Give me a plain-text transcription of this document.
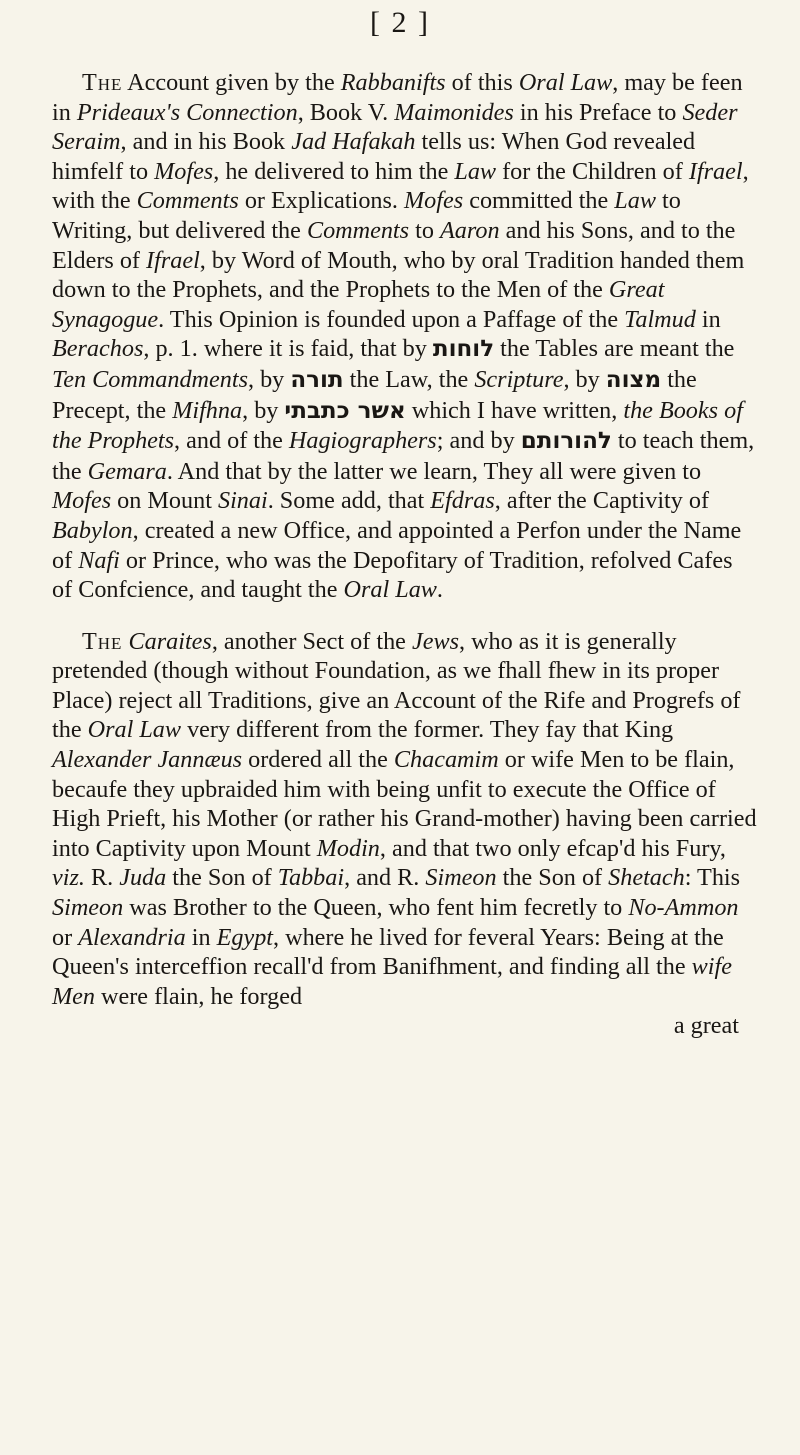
[ 2 ]

The Account given by the Rabbanifts of this Oral Law, may be feen in Prideaux's Connection, Book V. Maimonides in his Preface to Seder Seraim, and in his Book Jad Hafakah tells us: When God revealed himfelf to Mofes, he delivered to him the Law for the Children of Ifrael, with the Comments or Explications. Mofes committed the Law to Writing, but delivered the Comments to Aaron and his Sons, and to the Elders of Ifrael, by Word of Mouth, who by oral Tradition handed them down to the Prophets, and the Prophets to the Men of the Great Synagogue. This Opinion is founded upon a Paffage of the Talmud in Berachos, p. 1. where it is faid, that by לוחות the Tables are meant the Ten Commandments, by תורה the Law, the Scripture, by מצוה the Precept, the Mifhna, by אשר כתבתי which I have written, the Books of the Prophets, and of the Hagiographers; and by להורותם to teach them, the Gemara. And that by the latter we learn, They all were given to Mofes on Mount Sinai. Some add, that Efdras, after the Captivity of Babylon, created a new Office, and appointed a Perfon under the Name of Nafi or Prince, who was the Depofitary of Tradition, refolved Cafes of Confcience, and taught the Oral Law.

The Caraites, another Sect of the Jews, who as it is generally pretended (though without Foundation, as we fhall fhew in its proper Place) reject all Traditions, give an Account of the Rife and Progrefs of the Oral Law very different from the former. They fay that King Alexander Jannæus ordered all the Chacamim or wife Men to be flain, becaufe they upbraided him with being unfit to execute the Office of High Prieft, his Mother (or rather his Grand-mother) having been carried into Captivity upon Mount Modin, and that two only efcap'd his Fury, viz. R. Juda the Son of Tabbai, and R. Simeon the Son of Shetach: This Simeon was Brother to the Queen, who fent him fecretly to No-Ammon or Alexandria in Egypt, where he lived for feveral Years: Being at the Queen's interceffion recall'd from Banifhment, and finding all the wife Men were flain, he forged

a great
